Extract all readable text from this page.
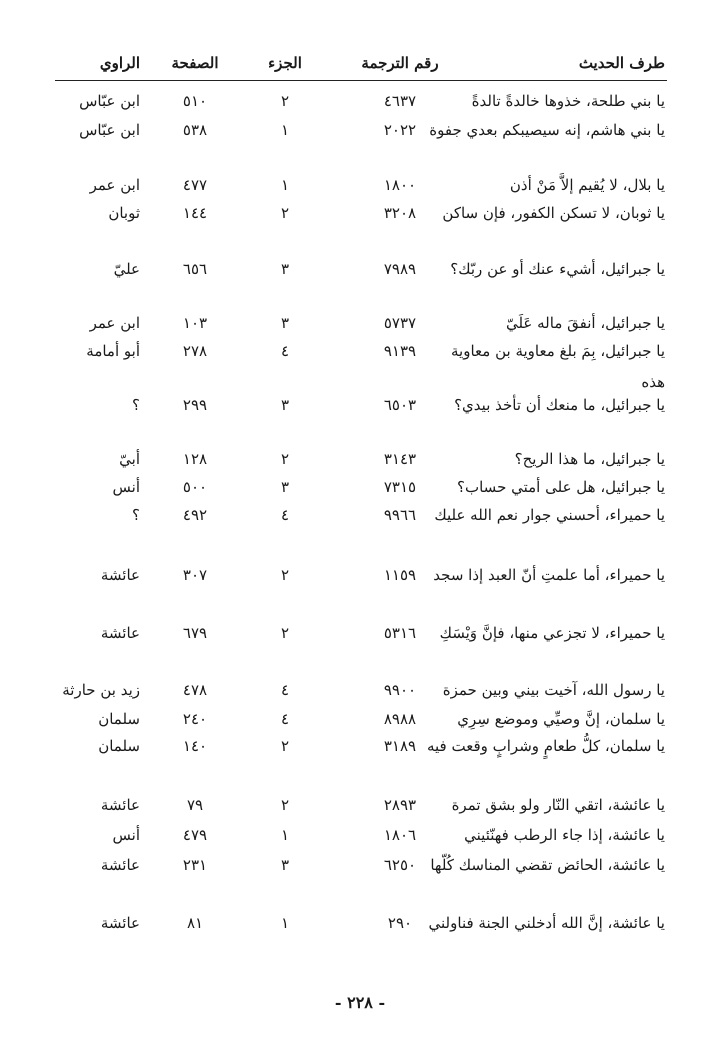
طرف الحديث
رقم الترجمة
الجزء
الصفحة
الراوي
يا بني طلحة، خذوها خالدةً تالدةً
٤٦٣٧
٢
٥١٠
ابن عبّاس
يا بني هاشم، إنه سيصيبكم بعدي جفوة
٢٠٢٢
١
٥٣٨
ابن عبّاس
يا بلال، لا يُقيم إلاَّ مَنْ أذن
١٨٠٠
١
٤٧٧
ابن عمر
يا ثوبان، لا تسكن الكفور، فإن ساكن
٣٢٠٨
٢
١٤٤
ثوبان
يا جبرائيل، أشيء عنك أو عن ربّك؟
٧٩٨٩
٣
٦٥٦
عليّ
يا جبرائيل، أنفقَ ماله عَلَيّ
٥٧٣٧
٣
١٠٣
ابن عمر
يا جبرائيل، بِمَ بلغ معاوية بن معاوية هذه
٩١٣٩
٤
٢٧٨
أبو أمامة
يا جبرائيل، ما منعك أن تأخذ بيدي؟
٦٥٠٣
٣
٢٩٩
؟
يا جبرائيل، ما هذا الريح؟
٣١٤٣
٢
١٢٨
أبيّ
يا جبرائيل، هل على أمتي حساب؟
٧٣١٥
٣
٥٠٠
أنس
يا حميراء، أحسني جوار نعم الله عليك
٩٩٦٦
٤
٤٩٢
؟
يا حميراء، أما علمتِ أنّ العبد إذا سجد
١١٥٩
٢
٣٠٧
عائشة
يا حميراء، لا تجزعي منها، فإنَّ وَيْسَكِ
٥٣١٦
٢
٦٧٩
عائشة
يا رسول الله، آخيت بيني وبين حمزة
٩٩٠٠
٤
٤٧٨
زيد بن حارثة
يا سلمان، إنَّ وصيِّي وموضع سِرِي
٨٩٨٨
٤
٢٤٠
سلمان
يا سلمان، كلُّ طعامٍ وشرابٍ وقعت فيه
٣١٨٩
٢
١٤٠
سلمان
يا عائشة، اتقي النّار ولو بشق تمرة
٢٨٩٣
٢
٧٩
عائشة
يا عائشة، إذا جاء الرطب فهنّئيني
١٨٠٦
١
٤٧٩
أنس
يا عائشة، الحائض تقضي المناسك كُلّها
٦٢٥٠
٣
٢٣١
عائشة
يا عائشة، إنَّ الله أدخلني الجنة فناولني
٢٩٠
١
٨١
عائشة
- ٢٢٨ -
